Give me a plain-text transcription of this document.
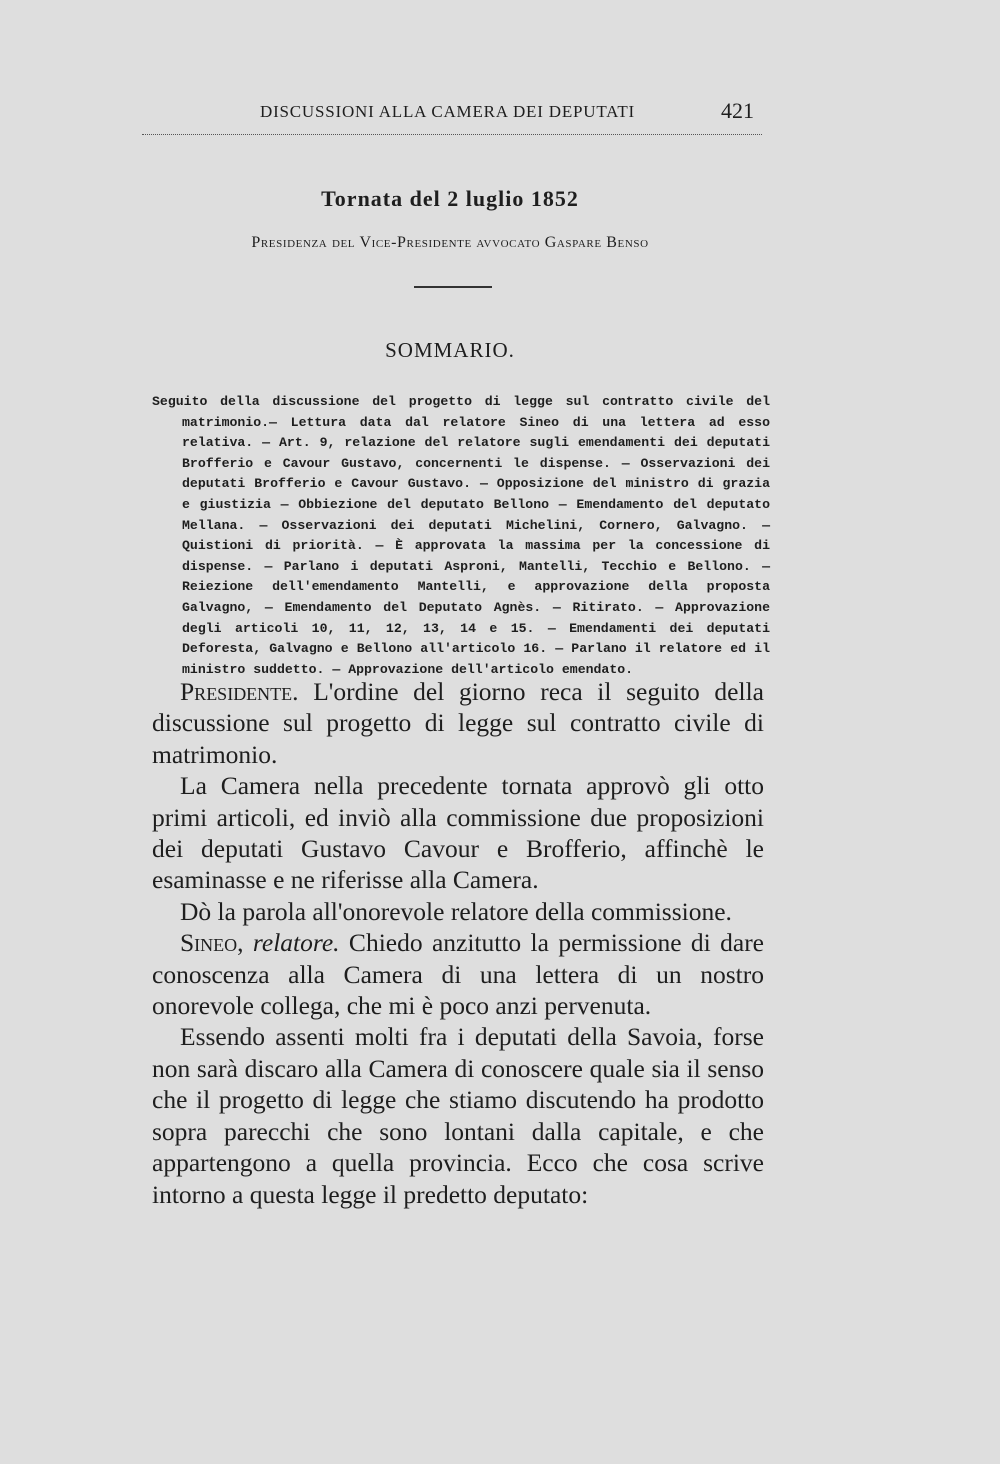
DISCUSSIONI ALLA CAMERA DEI DEPUTATI	421
Tornata del 2 luglio 1852
Presidenza del Vice-Presidente avvocato Gaspare Benso
SOMMARIO.
Seguito della discussione del progetto di legge sul contratto civile del matrimonio.— Lettura data dal relatore Sineo di una lettera ad esso relativa. — Art. 9, relazione del relatore sugli emendamenti dei deputati Brofferio e Cavour Gustavo, concernenti le dispense. — Osservazioni dei deputati Brofferio e Cavour Gustavo. — Opposizione del ministro di grazia e giustizia — Obbiezione del deputato Bellono — Emendamento del deputato Mellana. — Osservazioni dei deputati Michelini, Cornero, Galvagno. — Quistioni di priorità. — È approvata la massima per la concessione di dispense. — Parlano i deputati Asproni, Mantelli, Tecchio e Bellono. — Reiezione dell'emendamento Mantelli, e approvazione della proposta Galvagno, — Emendamento del Deputato Agnès. — Ritirato. — Approvazione degli articoli 10, 11, 12, 13, 14 e 15. — Emendamenti dei deputati Deforesta, Galvagno e Bellono all'articolo 16. — Parlano il relatore ed il ministro suddetto. — Approvazione dell'articolo emendato.

Presidente. L'ordine del giorno reca il seguito della discussione sul progetto di legge sul contratto civile di matrimonio.

La Camera nella precedente tornata approvò gli otto primi articoli, ed inviò alla commissione due proposizioni dei deputati Gustavo Cavour e Brofferio, affinchè le esaminasse e ne riferisse alla Camera.

Dò la parola all'onorevole relatore della commissione.

Sineo, relatore. Chiedo anzitutto la permissione di dare conoscenza alla Camera di una lettera di un nostro onorevole collega, che mi è poco anzi pervenuta.

Essendo assenti molti fra i deputati della Savoia, forse non sarà discaro alla Camera di conoscere quale sia il senso che il progetto di legge che stiamo discutendo ha prodotto sopra parecchi che sono lontani dalla capitale, e che appartengono a quella provincia. Ecco che cosa scrive intorno a questa legge il predetto deputato:
